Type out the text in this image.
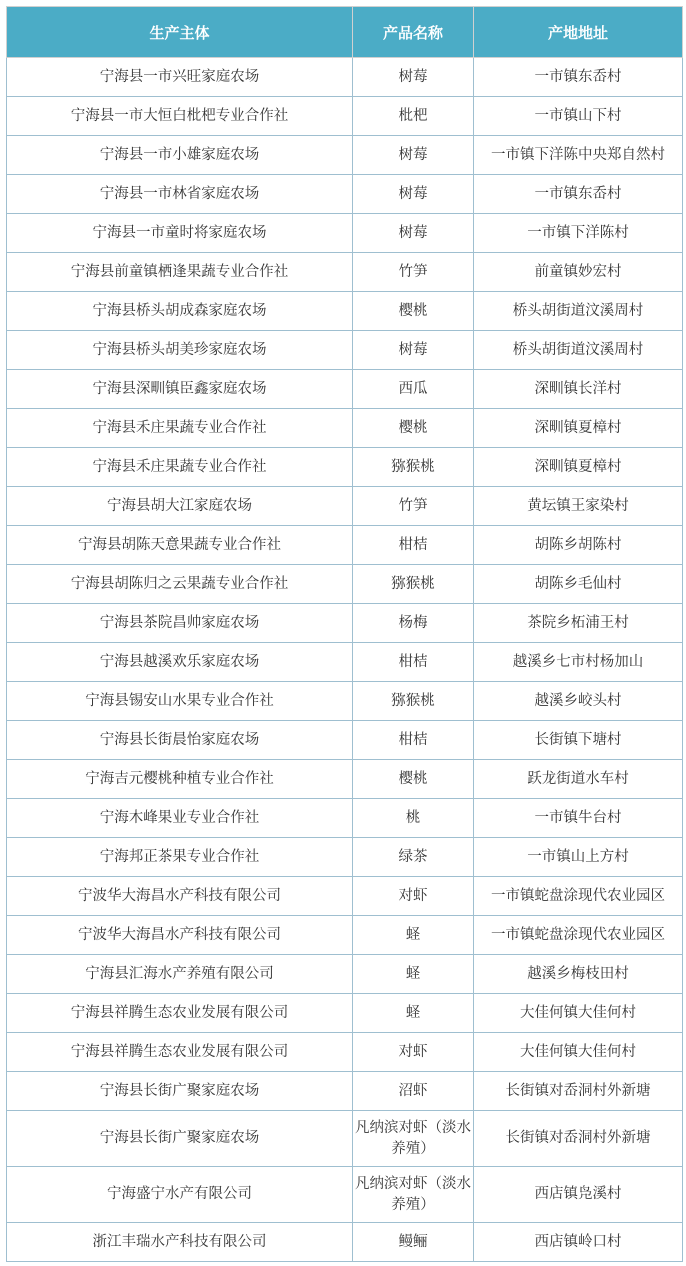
生产主体	产品名称	产地地址
宁海县一市兴旺家庭农场	树莓	一市镇东岙村
宁海县一市大恒白枇杷专业合作社	枇杷	一市镇山下村
宁海县一市小雄家庭农场	树莓	一市镇下洋陈中央郑自然村
宁海县一市林省家庭农场	树莓	一市镇东岙村
宁海县一市童时将家庭农场	树莓	一市镇下洋陈村
宁海县前童镇栖逢果蔬专业合作社	竹笋	前童镇妙宏村
宁海县桥头胡成森家庭农场	樱桃	桥头胡街道汶溪周村
宁海县桥头胡美珍家庭农场	树莓	桥头胡街道汶溪周村
宁海县深甽镇臣鑫家庭农场	西瓜	深甽镇长洋村
宁海县禾庄果蔬专业合作社	樱桃	深甽镇夏樟村
宁海县禾庄果蔬专业合作社	猕猴桃	深甽镇夏樟村
宁海县胡大江家庭农场	竹笋	黄坛镇王家染村
宁海县胡陈天意果蔬专业合作社	柑桔	胡陈乡胡陈村
宁海县胡陈归之云果蔬专业合作社	猕猴桃	胡陈乡毛仙村
宁海县茶院昌帅家庭农场	杨梅	茶院乡柘浦王村
宁海县越溪欢乐家庭农场	柑桔	越溪乡七市村杨加山
宁海县锡安山水果专业合作社	猕猴桃	越溪乡峧头村
宁海县长街晨怡家庭农场	柑桔	长街镇下塘村
宁海吉元樱桃种植专业合作社	樱桃	跃龙街道水车村
宁海木峰果业专业合作社	桃	一市镇牛台村
宁海邦正茶果专业合作社	绿茶	一市镇山上方村
宁波华大海昌水产科技有限公司	对虾	一市镇蛇盘涂现代农业园区
宁波华大海昌水产科技有限公司	蛏	一市镇蛇盘涂现代农业园区
宁海县汇海水产养殖有限公司	蛏	越溪乡梅枝田村
宁海县祥腾生态农业发展有限公司	蛏	大佳何镇大佳何村
宁海县祥腾生态农业发展有限公司	对虾	大佳何镇大佳何村
宁海县长街广聚家庭农场	沼虾	长街镇对岙洞村外新塘
宁海县长街广聚家庭农场	凡纳滨对虾（淡水养殖）	长街镇对岙洞村外新塘
宁海盛宁水产有限公司	凡纳滨对虾（淡水养殖）	西店镇凫溪村
浙江丰瑞水产科技有限公司	鳗鲡	西店镇岭口村
